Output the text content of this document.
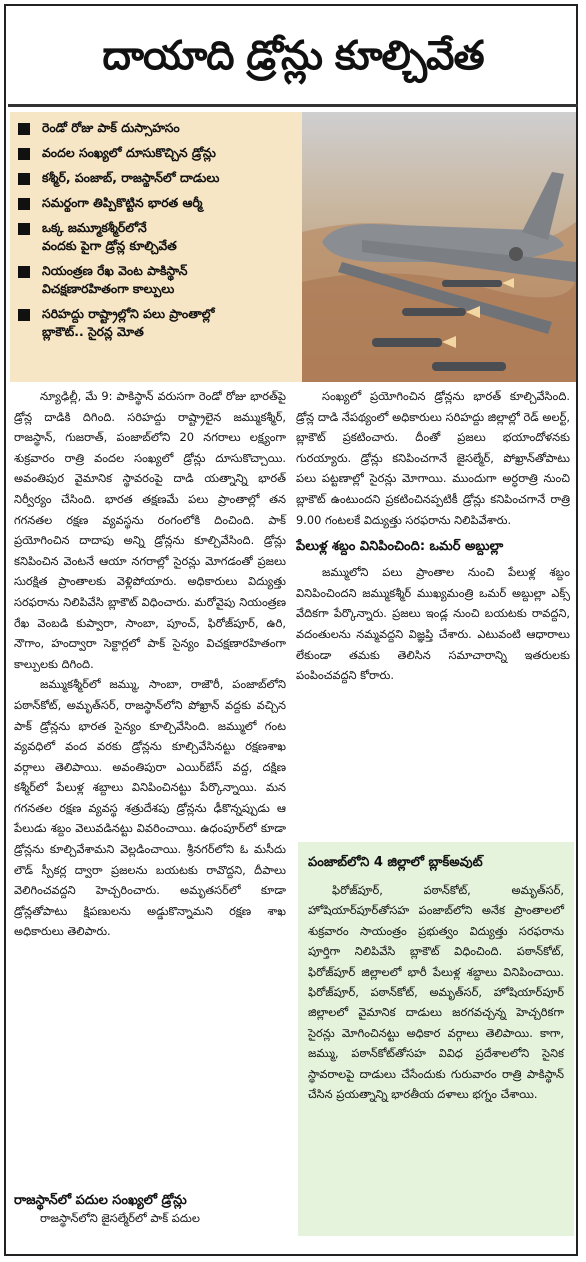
దాయాది డ్రోన్లు కూల్చివేత
రెండో రోజు పాక్ దుస్సాహసం
వందల సంఖ్యలో దూసుకొచ్చిన డ్రోన్లు
కశ్మీర్, పంజాబ్, రాజస్థాన్‌లో దాడులు
సమర్థంగా తిప్పికొట్టిన భారత ఆర్మీ
ఒక్క జమ్మూకశ్మీర్‌లోనే
వందకు పైగా డ్రోన్ల కూల్చివేత
నియంత్రణ రేఖ వెంట పాకిస్థాన్
విచక్షణారహితంగా కాల్పులు
సరిహద్దు రాష్ట్రాల్లోని పలు ప్రాంతాల్లో
బ్లాకౌట్.. సైరన్ల మోత

న్యూఢిల్లీ, మే 9: పాకిస్థాన్ వరుసగా రెండో రోజు భారత్‌పై డ్రోన్ల దాడికి దిగింది. సరిహద్దు రాష్ట్రాలైన జమ్ముకశ్మీర్, రాజస్థాన్, గుజరాత్, పంజాబ్‌లోని 20 నగరాలు లక్ష్యంగా శుక్రవారం రాత్రి వందల సంఖ్యలో డ్రోన్లు దూసుకొచ్చాయి. అవంతిపుర వైమానిక స్థావరంపై దాడి యత్నాన్ని భారత్ నిర్వీర్యం చేసింది. భారత తక్షణమే పలు ప్రాంతాల్లో తన గగనతల రక్షణ వ్యవస్థను రంగంలోకి దించింది. పాక్ ప్రయోగించిన దాదాపు అన్ని డ్రోన్లను కూల్చివేసింది. డ్రోన్లు కనిపించిన వెంటనే ఆయా నగరాల్లో సైరన్లు మోగడంతో ప్రజలు సురక్షిత ప్రాంతాలకు వెళ్లిపోయారు. అధికారులు విద్యుత్తు సరఫరాను నిలిపివేసి బ్లాకౌట్ విధించారు. మరోవైపు నియంత్రణ రేఖ వెంబడి కుప్వారా, సాంబా, పూంచ్, ఫిరోజ్‌పూర్, ఉరి, నౌగాం, హంద్వారా సెక్టార్లలో పాక్ సైన్యం విచక్షణారహితంగా కాల్పులకు దిగింది.

జమ్ముకశ్మీర్‌లో జమ్ము, సాంబా, రాజౌరీ, పంజాబ్‌లోని పఠాన్‌కోట్, అమృత్‌సర్, రాజస్థాన్‌లోని పోఖ్రాన్ వద్దకు వచ్చిన పాక్ డ్రోన్లను భారత సైన్యం కూల్చివేసింది. జమ్ములో గంట వ్యవధిలో వంద వరకు డ్రోన్లను కూల్చివేసినట్టు రక్షణశాఖ వర్గాలు తెలిపాయి. అవంతిపురా ఎయిర్‌బేస్ వద్ద, దక్షిణ కశ్మీర్‌లో పేలుళ్ల శబ్దాలు వినిపించినట్టు పేర్కొన్నాయి. మన గగనతల రక్షణ వ్యవస్థ శత్రుదేశపు డ్రోన్లను ఢీకొన్నప్పుడు ఆ పేలుడు శబ్దం వెలువడినట్టు వివరించాయి. ఉధంపూర్‌లో కూడా డ్రోన్లను కూల్చివేశామని వెల్లడించాయి. శ్రీనగర్‌లోని ఓ మసీదు లౌడ్ స్పీకర్ల ద్వారా ప్రజలను బయటకు రావొద్దని, దీపాలు వెలిగించవద్దని హెచ్చరించారు. అమృతసర్‌లో కూడా డ్రోన్లతోపాటు క్షిపణులను అడ్డుకొన్నామని రక్షణ శాఖ అధికారులు తెలిపారు.

రాజస్థాన్‌లో పదుల సంఖ్యలో డ్రోన్లు

రాజస్థాన్‌లోని జైసల్మేర్‌లో పాక్ పదుల

సంఖ్యలో ప్రయోగించిన డ్రోన్లను భారత్ కూల్చివేసింది. డ్రోన్ల దాడి నేపథ్యంలో అధికారులు సరిహద్దు జిల్లాల్లో రెడ్ అలర్ట్, బ్లాకౌట్ ప్రకటించారు. దీంతో ప్రజలు భయాందోళనకు గురయ్యారు. డ్రోన్లు కనిపించగానే జైసల్మేర్, పోఖ్రాన్‌తోపాటు పలు పట్టణాల్లో సైరన్లు మోగాయి. ముందుగా అర్ధరాత్రి నుంచి బ్లాకౌట్ ఉంటుందని ప్రకటించినప్పటికీ డ్రోన్లు కనిపించగానే రాత్రి 9.00 గంటలకే విద్యుత్తు సరఫరాను నిలిపివేశారు.

పేలుళ్ల శబ్దం వినిపించింది: ఒమర్ అబ్దుల్లా

జమ్ములోని పలు ప్రాంతాల నుంచి పేలుళ్ల శబ్దం వినిపించిందని జమ్ముకశ్మీర్ ముఖ్యమంత్రి ఒమర్ అబ్దుల్లా ఎక్స్ వేదికగా పేర్కొన్నారు. ప్రజలు ఇండ్ల నుంచి బయటకు రావద్దని, వదంతులను నమ్మవద్దని విజ్ఞప్తి చేశారు. ఎటువంటి ఆధారాలు లేకుండా తమకు తెలిసిన సమాచారాన్ని ఇతరులకు పంపించవద్దని కోరారు.

పంజాబ్‌లోని 4 జిల్లాలో బ్లాక్అవుట్

ఫిరోజ్‌పూర్, పఠాన్‌కోట్, అమృత్‌సర్, హోషియార్‌పూర్‌తోసహ పంజాబ్‌లోని అనేక ప్రాంతాలలో శుక్రవారం సాయంత్రం ప్రభుత్వం విద్యుత్తు సరఫరాను పూర్తిగా నిలిపివేసి బ్లాకౌట్ విధించింది. పఠాన్‌కోట్, ఫిరోజ్‌పూర్ జిల్లాలలో భారీ పేలుళ్ల శబ్దాలు వినిపించాయి. ఫిరోజ్‌పూర్, పఠాన్‌కోట్, అమృత్‌సర్, హోషియార్‌పూర్ జిల్లాలలో వైమానిక దాడులు జరగవచ్చన్న హెచ్చరికగా సైరన్లు మోగించినట్టు అధికార వర్గాలు తెలిపాయి. కాగా, జమ్ము, పఠాన్‌కోట్‌తోసహ వివిధ ప్రదేశాలలోని సైనిక స్థావరాలపై దాడులు చేసేందుకు గురువారం రాత్రి పాకిస్థాన్ చేసిన ప్రయత్నాన్ని భారతీయ దళాలు భగ్నం చేశాయి.
